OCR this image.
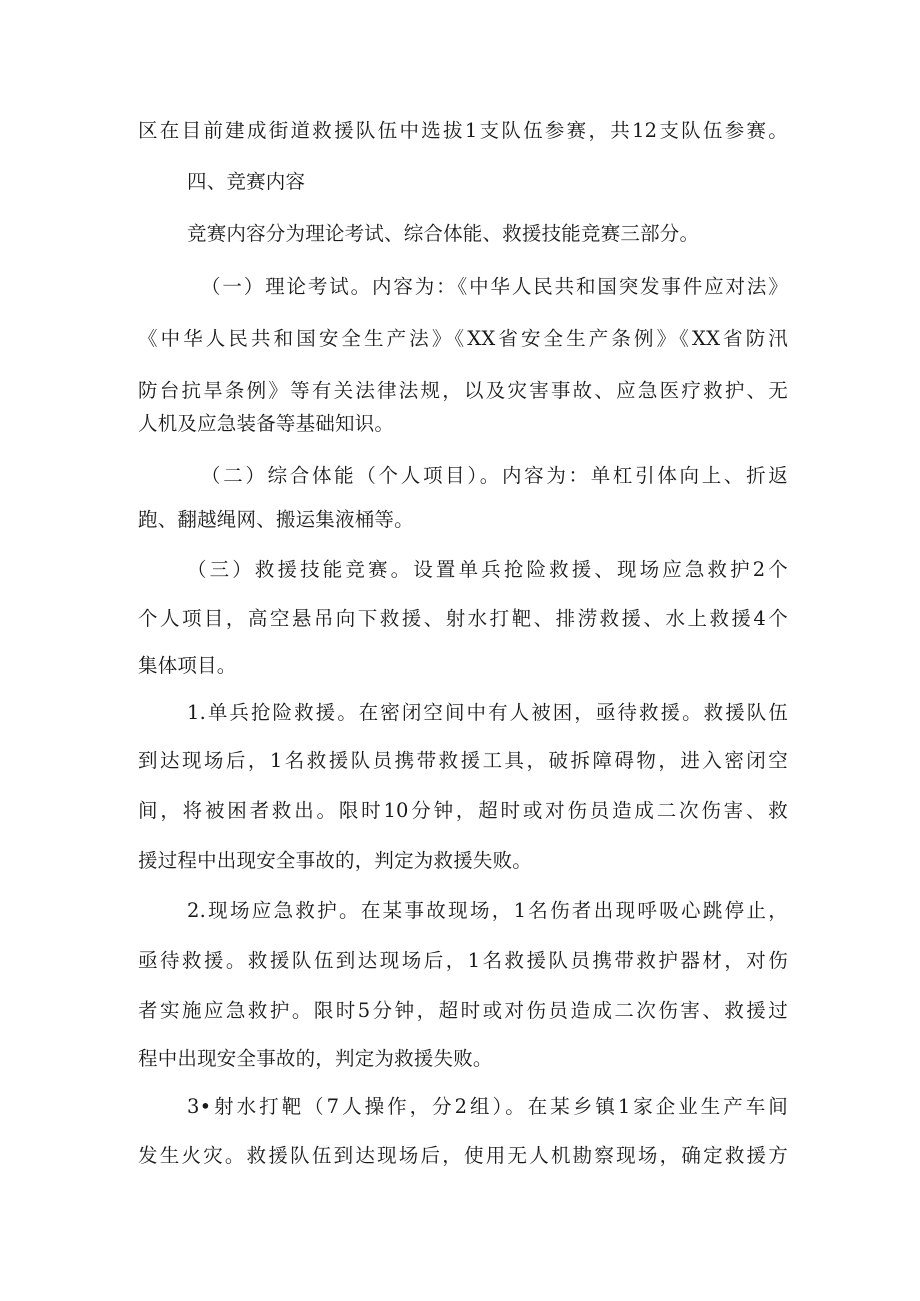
区在目前建成街道救援队伍中选拔1支队伍参赛，共12支队伍参赛。
四、竞赛内容
竞赛内容分为理论考试、综合体能、救援技能竞赛三部分。
（一）理论考试。内容为：《中华人民共和国突发事件应对法》
《中华人民共和国安全生产法》《XX省安全生产条例》《XX省防汛
防台抗旱条例》等有关法律法规，以及灾害事故、应急医疗救护、无
人机及应急装备等基础知识。
（二）综合体能（个人项目）。内容为：单杠引体向上、折返
跑、翻越绳网、搬运集液桶等。
（三）救援技能竞赛。设置单兵抢险救援、现场应急救护2个
个人项目，高空悬吊向下救援、射水打靶、排涝救援、水上救援4个
集体项目。
1.单兵抢险救援。在密闭空间中有人被困，亟待救援。救援队伍
到达现场后，1名救援队员携带救援工具，破拆障碍物，进入密闭空
间，将被困者救出。限时10分钟，超时或对伤员造成二次伤害、救
援过程中出现安全事故的，判定为救援失败。
2.现场应急救护。在某事故现场，1名伤者出现呼吸心跳停止，
亟待救援。救援队伍到达现场后，1名救援队员携带救护器材，对伤
者实施应急救护。限时5分钟，超时或对伤员造成二次伤害、救援过
程中出现安全事故的，判定为救援失败。
3•射水打靶（7人操作，分2组）。在某乡镇1家企业生产车间
发生火灾。救援队伍到达现场后，使用无人机勘察现场，确定救援方
